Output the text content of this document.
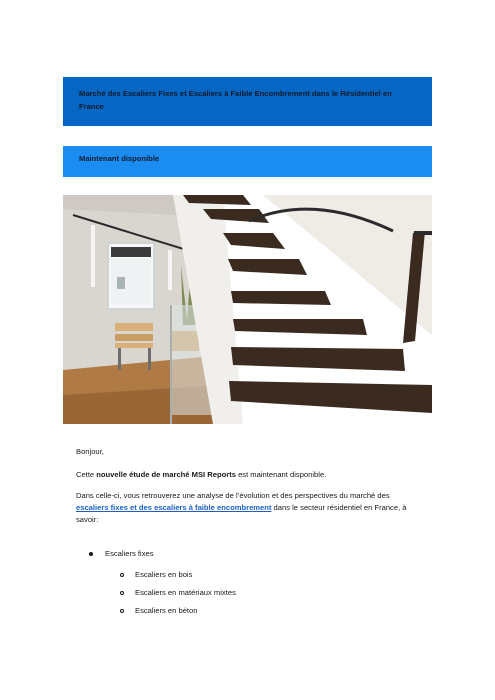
Marché des Escaliers Fixes et Escaliers à Faible Encombrement dans le Résidentiel en France
Maintenant disponible
Bonjour,
Cette nouvelle étude de marché MSI Reports est maintenant disponible.
Dans celle-ci, vous retrouverez une analyse de l’évolution et des perspectives du marché des escaliers fixes et des escaliers à faible encombrement dans le secteur résidentiel en France, à savoir:
Escaliers fixes
Escaliers en bois
Escaliers en matériaux mixtes
Escaliers en béton
